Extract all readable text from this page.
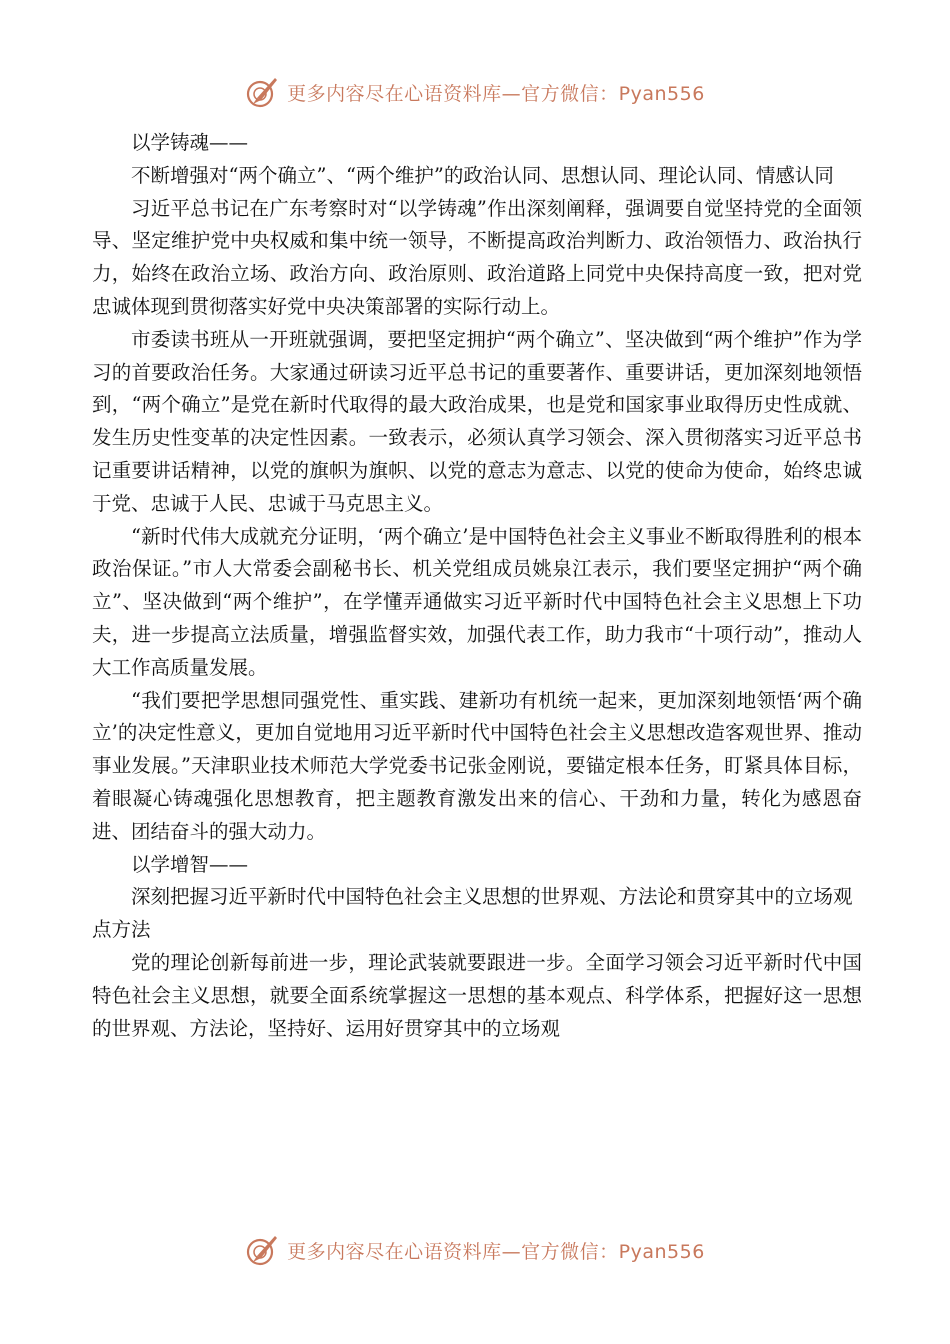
更多内容尽在心语资料库—官方微信：Pyan556

以学铸魂——

不断增强对“两个确立”、“两个维护”的政治认同、思想认同、理论认同、情感认同

习近平总书记在广东考察时对“以学铸魂”作出深刻阐释，强调要自觉坚持党的全面领导、坚定维护党中央权威和集中统一领导，不断提高政治判断力、政治领悟力、政治执行力，始终在政治立场、政治方向、政治原则、政治道路上同党中央保持高度一致，把对党忠诚体现到贯彻落实好党中央决策部署的实际行动上。

市委读书班从一开班就强调，要把坚定拥护“两个确立”、坚决做到“两个维护”作为学习的首要政治任务。大家通过研读习近平总书记的重要著作、重要讲话，更加深刻地领悟到，“两个确立”是党在新时代取得的最大政治成果，也是党和国家事业取得历史性成就、发生历史性变革的决定性因素。一致表示，必须认真学习领会、深入贯彻落实习近平总书记重要讲话精神，以党的旗帜为旗帜、以党的意志为意志、以党的使命为使命，始终忠诚于党、忠诚于人民、忠诚于马克思主义。

“新时代伟大成就充分证明，‘两个确立’是中国特色社会主义事业不断取得胜利的根本政治保证。”市人大常委会副秘书长、机关党组成员姚泉江表示，我们要坚定拥护“两个确立”、坚决做到“两个维护”，在学懂弄通做实习近平新时代中国特色社会主义思想上下功夫，进一步提高立法质量，增强监督实效，加强代表工作，助力我市“十项行动”，推动人大工作高质量发展。

“我们要把学思想同强党性、重实践、建新功有机统一起来，更加深刻地领悟‘两个确立’的决定性意义，更加自觉地用习近平新时代中国特色社会主义思想改造客观世界、推动事业发展。”天津职业技术师范大学党委书记张金刚说，要锚定根本任务，盯紧具体目标，着眼凝心铸魂强化思想教育，把主题教育激发出来的信心、干劲和力量，转化为感恩奋进、团结奋斗的强大动力。

以学增智——

深刻把握习近平新时代中国特色社会主义思想的世界观、方法论和贯穿其中的立场观点方法

党的理论创新每前进一步，理论武装就要跟进一步。全面学习领会习近平新时代中国特色社会主义思想，就要全面系统掌握这一思想的基本观点、科学体系，把握好这一思想的世界观、方法论，坚持好、运用好贯穿其中的立场观

更多内容尽在心语资料库—官方微信：Pyan556
